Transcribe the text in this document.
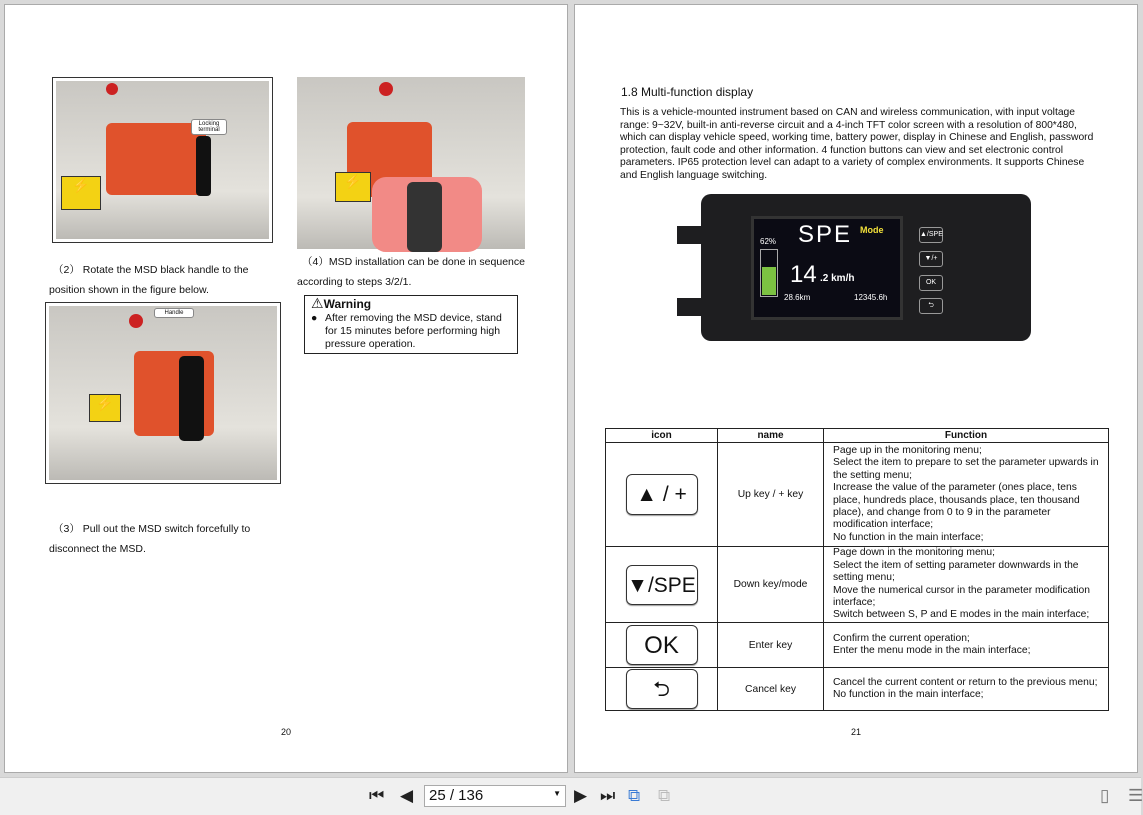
⚡
Locking terminal
⚡
（2） Rotate the MSD black handle to the
position shown in the figure below.
⚡
Handle
（3） Pull out the MSD switch forcefully to
disconnect the MSD.
（4）MSD installation can be done in sequence
according to steps 3/2/1.
⚠Warning
● After removing the MSD device, stand for 15 minutes before performing high pressure operation.
20
1.8 Multi-function display
This is a vehicle-mounted instrument based on CAN and wireless communication, with input voltage range: 9~32V, built-in anti-reverse circuit and a 4-inch TFT color screen with a resolution of 800*480, which can display vehicle speed, working time, battery power, display in Chinese and English, password protection, fault code and other information. 4 function buttons can view and set electronic control parameters. IP65 protection level can adapt to a variety of complex environments. It supports Chinese and English language switching.
62% SPE Mode
14 .2 km/h
28.6km	12345.6h
▲/SPE
▼/+
OK
⮌
icon	name	Function

▲ / +	Up key / + key	Page up in the monitoring menu;
Select the item to prepare to set the parameter upwards in the setting menu;
Increase the value of the parameter (ones place, tens place, hundreds place, thousands place, ten thousand place), and change from 0 to 9 in the parameter modification interface;
No function in the main interface;

▼/SPE	Down key/mode	Page down in the monitoring menu;
Select the item of setting parameter downwards in the setting menu;
Move the numerical cursor in the parameter modification interface;
Switch between S, P and E modes in the main interface;

OK	Enter key	Confirm the current operation;
Enter the menu mode in the main interface;

⮌	Cancel key	Cancel the current content or return to the previous menu;
No function in the main interface;
21
⏮ ◀	25 / 136	▼ ▶ ⏭ ⧉ ⧉	▯ ☰
